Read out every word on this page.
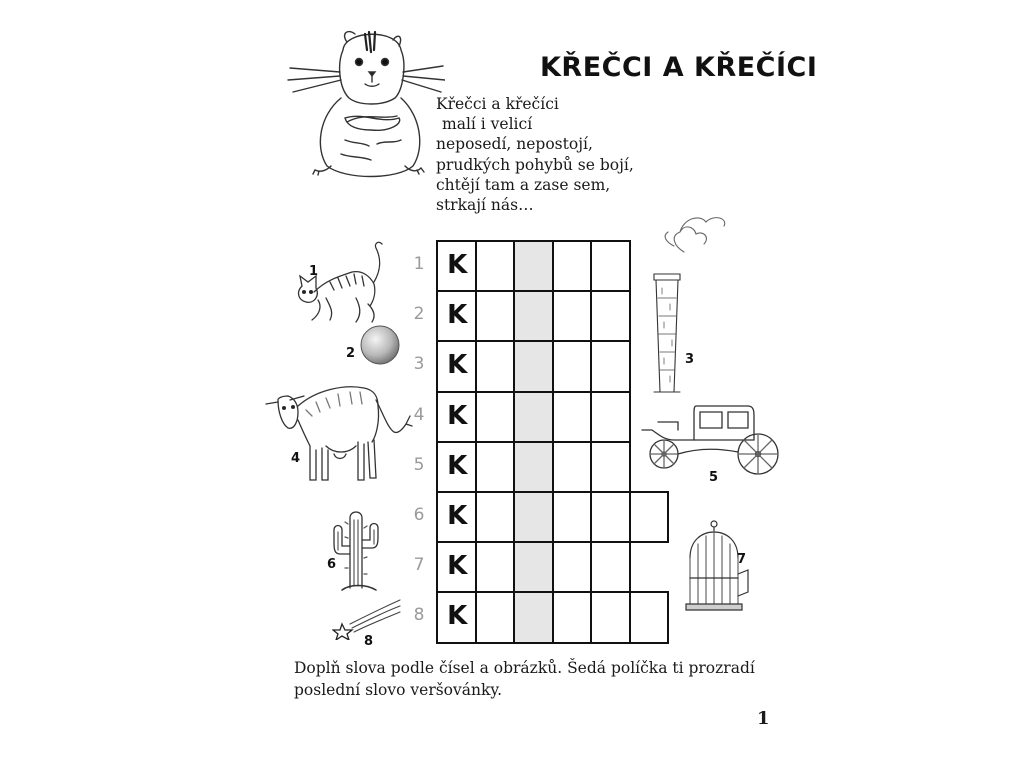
KŘEČCI A KŘEČÍCI
Křečci a křečíci
malí i velicí
neposedí, nepostojí,
prudkých pohybů se bojí,
chtějí tam a zase sem,
strkají nás…
1 K
2 K
3 K
4 K
5 K
6 K
7 K
8 K
1
2
4
6
8
3
5
7
Doplň slova podle čísel a obrázků. Šedá políčka ti prozradí poslední slovo veršovánky.
1
